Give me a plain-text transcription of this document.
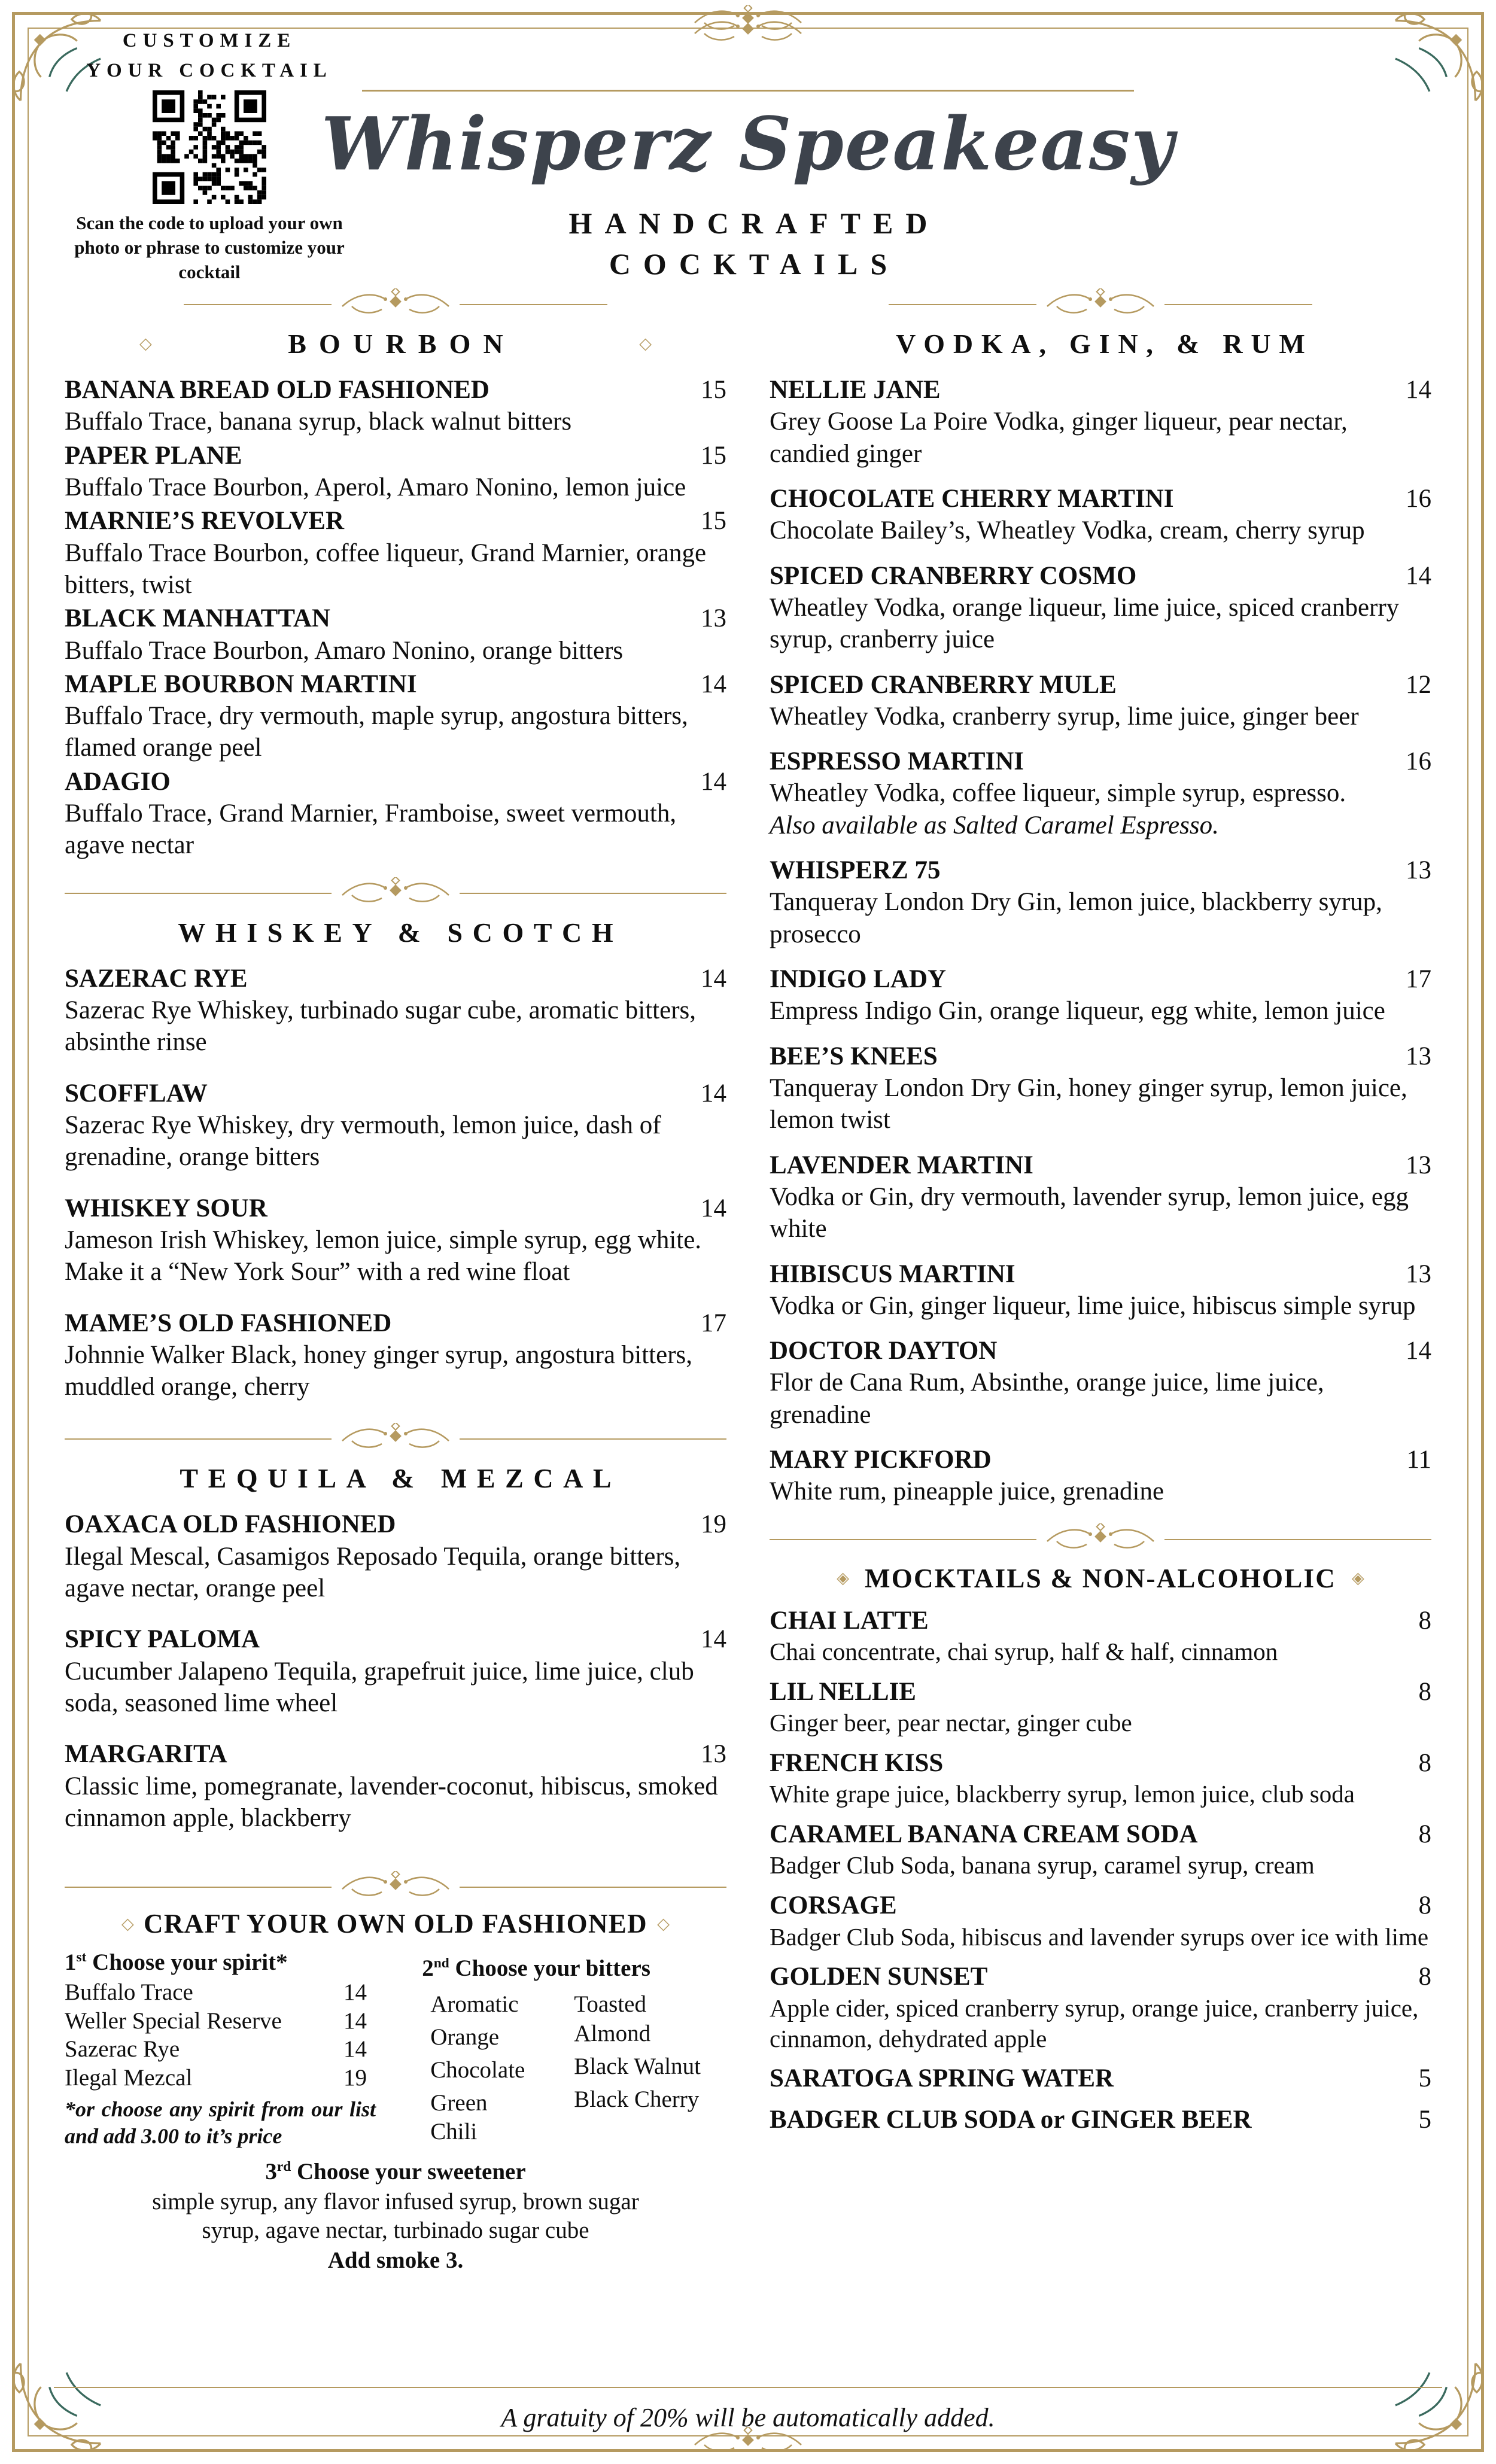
CUSTOMIZE YOUR COCKTAIL
Scan the code to upload your own photo or phrase to customize your cocktail
Whisperz Speakeasy
HANDCRAFTED
COCKTAILS
◇	BOURBON	◇
BANANA BREAD OLD FASHIONED	15
Buffalo Trace, banana syrup, black walnut bitters
PAPER PLANE	15
Buffalo Trace Bourbon, Aperol, Amaro Nonino, lemon juice
MARNIE’S REVOLVER	15
Buffalo Trace Bourbon, coffee liqueur, Grand Marnier, orange bitters, twist
BLACK MANHATTAN	13
Buffalo Trace Bourbon, Amaro Nonino, orange bitters
MAPLE BOURBON MARTINI	14
Buffalo Trace, dry vermouth, maple syrup, angostura bitters, flamed orange peel
ADAGIO	14
Buffalo Trace, Grand Marnier, Framboise, sweet vermouth, agave nectar
WHISKEY & SCOTCH
SAZERAC RYE	14
Sazerac Rye Whiskey, turbinado sugar cube, aromatic bitters, absinthe rinse
SCOFFLAW	14
Sazerac Rye Whiskey, dry vermouth, lemon juice, dash of grenadine, orange bitters
WHISKEY SOUR	14
Jameson Irish Whiskey, lemon juice, simple syrup, egg white. Make it a “New York Sour” with a red wine float
MAME’S OLD FASHIONED	17
Johnnie Walker Black, honey ginger syrup, angostura bitters, muddled orange, cherry
TEQUILA & MEZCAL
OAXACA OLD FASHIONED	19
Ilegal Mescal, Casamigos Reposado Tequila, orange bitters, agave nectar, orange peel
SPICY PALOMA	14
Cucumber Jalapeno Tequila, grapefruit juice, lime juice, club soda, seasoned lime wheel
MARGARITA	13
Classic lime, pomegranate, lavender-coconut, hibiscus, smoked cinnamon apple, blackberry
◇ CRAFT YOUR OWN OLD FASHIONED ◇
1st Choose your spirit*
Buffalo Trace	14
Weller Special Reserve	14
Sazerac Rye	14
Ilegal Mezcal	19
*or choose any spirit from our list and add 3.00 to it’s price
2nd Choose your bitters
Aromatic
Orange
Chocolate
Green Chili
Toasted Almond
Black Walnut
Black Cherry
3rd Choose your sweetener
simple syrup, any flavor infused syrup, brown sugar syrup, agave nectar, turbinado sugar cube
Add smoke 3.
VODKA, GIN, & RUM
NELLIE JANE	14
Grey Goose La Poire Vodka, ginger liqueur, pear nectar, candied ginger
CHOCOLATE CHERRY MARTINI	16
Chocolate Bailey’s, Wheatley Vodka, cream, cherry syrup
SPICED CRANBERRY COSMO	14
Wheatley Vodka, orange liqueur, lime juice, spiced cranberry syrup, cranberry juice
SPICED CRANBERRY MULE	12
Wheatley Vodka, cranberry syrup, lime juice, ginger beer
ESPRESSO MARTINI	16
Wheatley Vodka, coffee liqueur, simple syrup, espresso.
Also available as Salted Caramel Espresso.
WHISPERZ 75	13
Tanqueray London Dry Gin, lemon juice, blackberry syrup, prosecco
INDIGO LADY	17
Empress Indigo Gin, orange liqueur, egg white, lemon juice
BEE’S KNEES	13
Tanqueray London Dry Gin, honey ginger syrup, lemon juice, lemon twist
LAVENDER MARTINI	13
Vodka or Gin, dry vermouth, lavender syrup, lemon juice, egg white
HIBISCUS MARTINI	13
Vodka or Gin, ginger liqueur, lime juice, hibiscus simple syrup
DOCTOR DAYTON	14
Flor de Cana Rum, Absinthe, orange juice, lime juice, grenadine
MARY PICKFORD	11
White rum, pineapple juice, grenadine
◈ MOCKTAILS & NON-ALCOHOLIC ◈
CHAI LATTE	8
Chai concentrate, chai syrup, half & half, cinnamon
LIL NELLIE	8
Ginger beer, pear nectar, ginger cube
FRENCH KISS	8
White grape juice, blackberry syrup, lemon juice, club soda
CARAMEL BANANA CREAM SODA	8
Badger Club Soda, banana syrup, caramel syrup, cream
CORSAGE	8
Badger Club Soda, hibiscus and lavender syrups over ice with lime
GOLDEN SUNSET	8
Apple cider, spiced cranberry syrup, orange juice, cranberry juice, cinnamon, dehydrated apple
SARATOGA SPRING WATER	5
BADGER CLUB SODA or GINGER BEER	5
A gratuity of 20% will be automatically added.
